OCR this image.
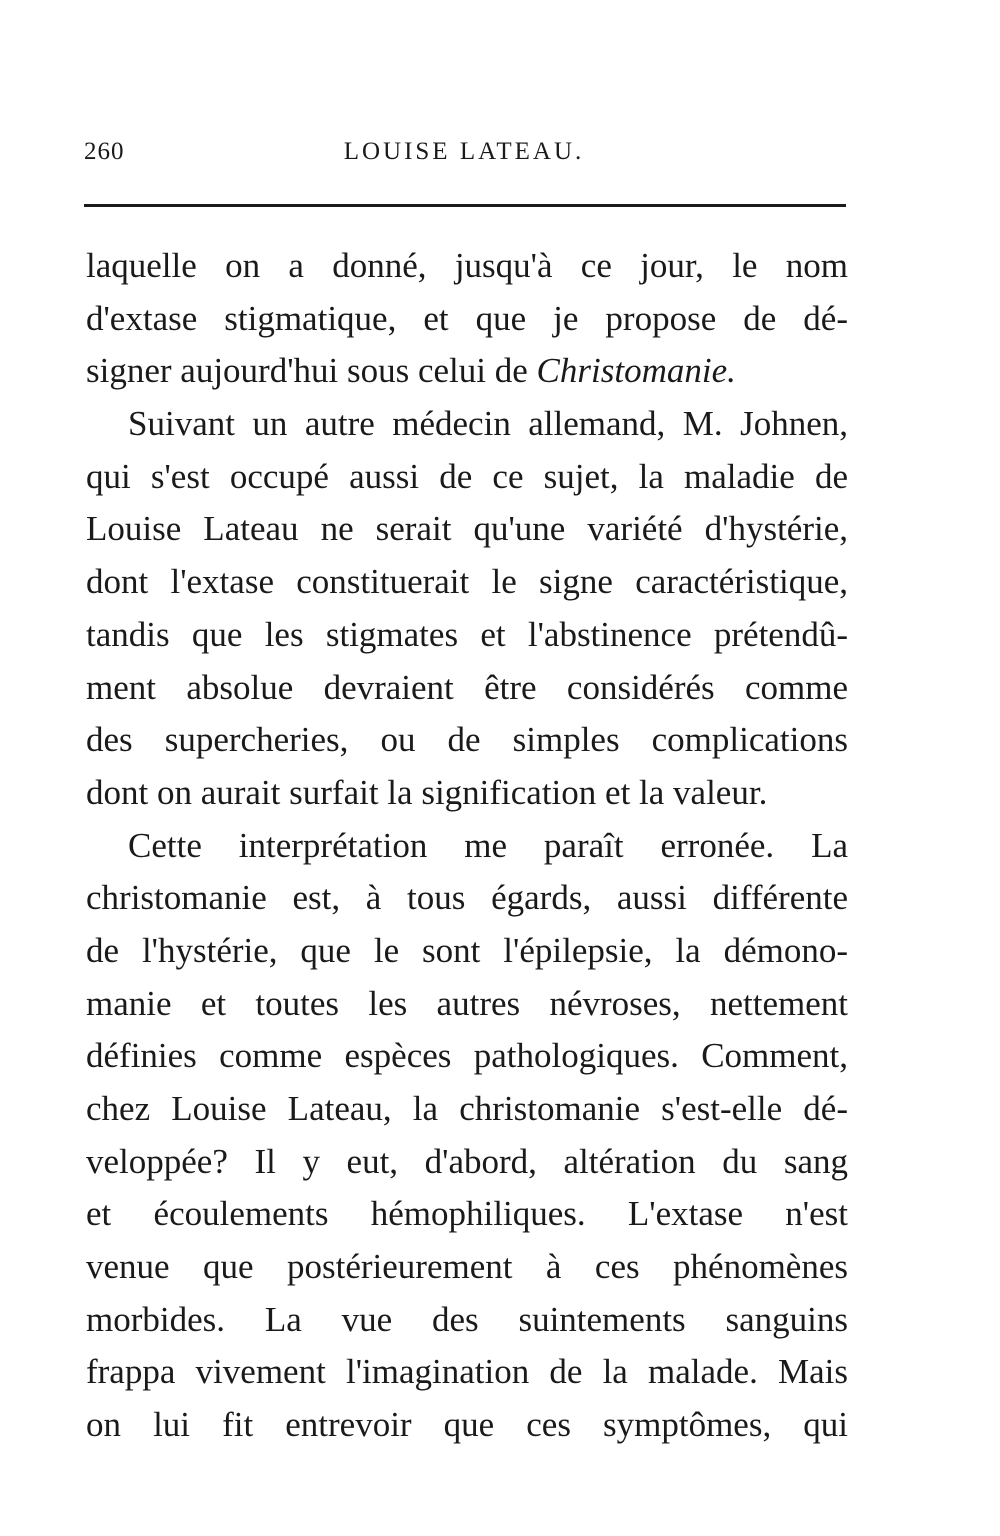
260	LOUISE LATEAU.
laquelle on a donné, jusqu'à ce jour, le nom
d'extase stigmatique, et que je propose de dé-
signer aujourd'hui sous celui de Christomanie.
Suivant un autre médecin allemand, M. Johnen,
qui s'est occupé aussi de ce sujet, la maladie de
Louise Lateau ne serait qu'une variété d'hystérie,
dont l'extase constituerait le signe caractéristique,
tandis que les stigmates et l'abstinence prétendû-
ment absolue devraient être considérés comme
des supercheries, ou de simples complications
dont on aurait surfait la signification et la valeur.
Cette interprétation me paraît erronée. La
christomanie est, à tous égards, aussi différente
de l'hystérie, que le sont l'épilepsie, la démono-
manie et toutes les autres névroses, nettement
définies comme espèces pathologiques. Comment,
chez Louise Lateau, la christomanie s'est-elle dé-
veloppée? Il y eut, d'abord, altération du sang
et écoulements hémophiliques. L'extase n'est
venue que postérieurement à ces phénomènes
morbides. La vue des suintements sanguins
frappa vivement l'imagination de la malade. Mais
on lui fit entrevoir que ces symptômes, qui
